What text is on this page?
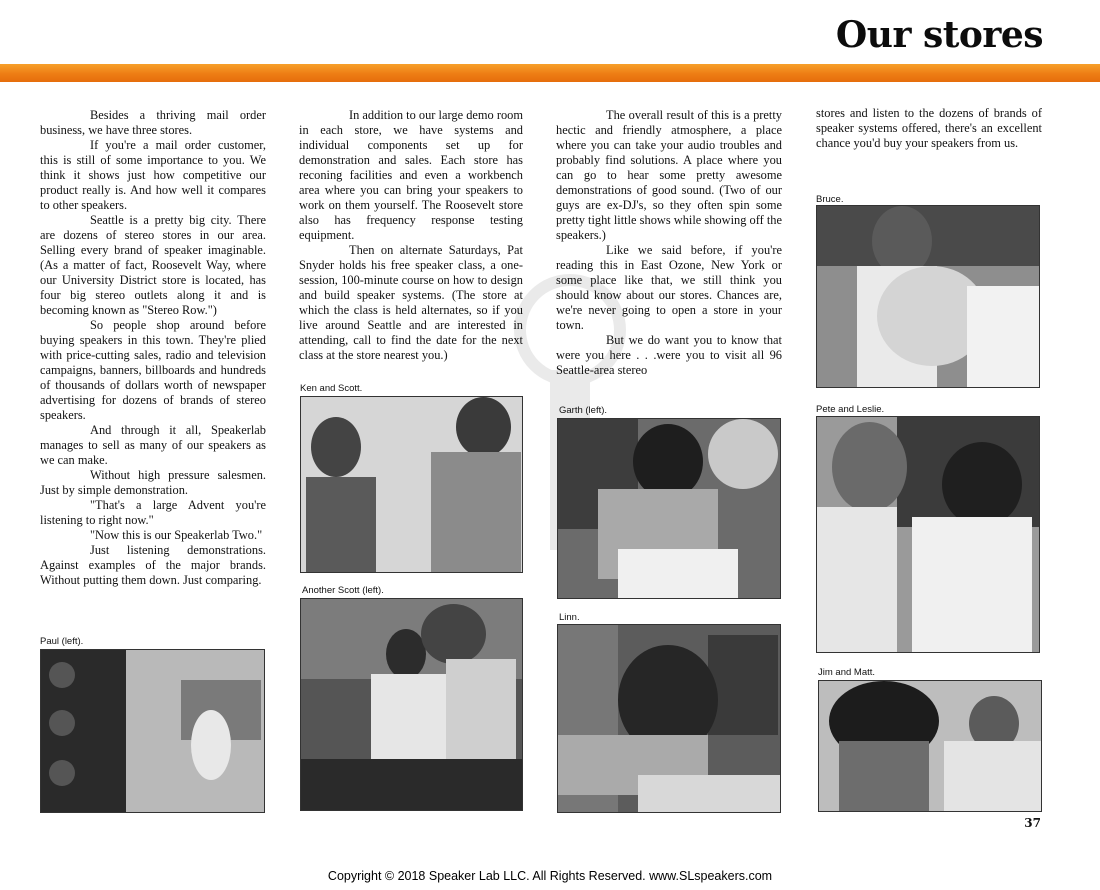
Our stores

Besides a thriving mail order business, we have three stores.

If you're a mail order customer, this is still of some importance to you. We think it shows just how competitive our product really is. And how well it compares to other speakers.

Seattle is a pretty big city. There are dozens of stereo stores in our area. Selling every brand of speaker imaginable. (As a matter of fact, Roosevelt Way, where our University District store is located, has four big stereo outlets along it and is becoming known as "Stereo Row.")

So people shop around before buying speakers in this town. They're plied with price-cutting sales, radio and television campaigns, banners, billboards and hundreds of thousands of dollars worth of newspaper advertising for dozens of brands of stereo speakers.

And through it all, Speakerlab manages to sell as many of our speakers as we can make.

Without high pressure salesmen. Just by simple demonstration.

"That's a large Advent you're listening to right now."

"Now this is our Speakerlab Two."

Just listening demonstrations. Against examples of the major brands. Without putting them down. Just comparing.

In addition to our large demo room in each store, we have systems and individual components set up for demonstration and sales. Each store has reconing facilities and even a workbench area where you can bring your speakers to work on them yourself. The Roosevelt store also has frequency response testing equipment.

Then on alternate Saturdays, Pat Snyder holds his free speaker class, a one-session, 100-minute course on how to design and build speaker systems. (The store at which the class is held alternates, so if you live around Seattle and are interested in attending, call to find the date for the next class at the store nearest you.)

The overall result of this is a pretty hectic and friendly atmosphere, a place where you can take your audio troubles and probably find solutions. A place where you can go to hear some pretty awesome demonstrations of good sound. (Two of our guys are ex-DJ's, so they often spin some pretty tight little shows while showing off the speakers.)

Like we said before, if you're reading this in East Ozone, New York or some place like that, we still think you should know about our stores. Chances are, we're never going to open a store in your town.

But we do want you to know that were you here . . .were you to visit all 96 Seattle-area stereo

stores and listen to the dozens of brands of speaker systems offered, there's an excellent chance you'd buy your speakers from us.

Paul (left).
Ken and Scott.
Another Scott (left).
Garth (left).
Linn.
Bruce.
Pete and Leslie.
Jim and Matt.
37
Copyright © 2018 Speaker Lab LLC. All Rights Reserved. www.SLspeakers.com
